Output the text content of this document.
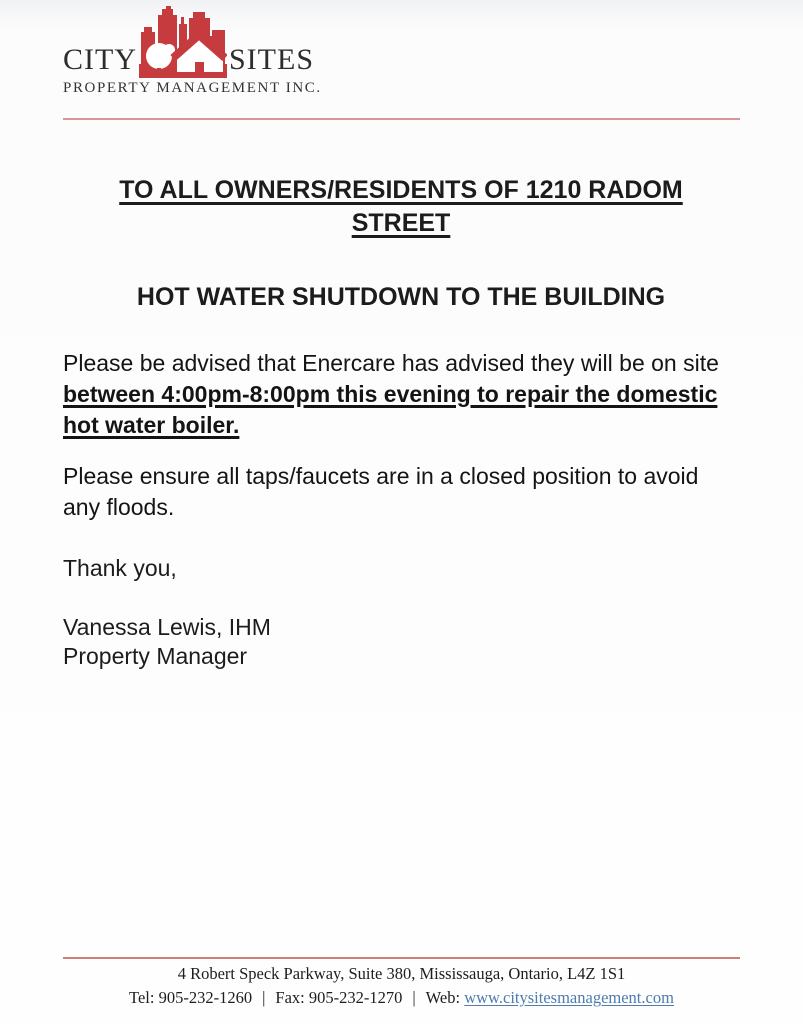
CITY	SITES
PROPERTY MANAGEMENT INC.
TO ALL OWNERS/RESIDENTS OF 1210 RADOM STREET
HOT WATER SHUTDOWN TO THE BUILDING

Please be advised that Enercare has advised they will be on site between 4:00pm-8:00pm this evening to repair the domestic hot water boiler.

Please ensure all taps/faucets are in a closed position to avoid any floods.

Thank you,
Vanessa Lewis, IHM
Property Manager
4 Robert Speck Parkway, Suite 380, Mississauga, Ontario, L4Z 1S1
Tel: 905-232-1260 | Fax: 905-232-1270 | Web: www.citysitesmanagement.com
